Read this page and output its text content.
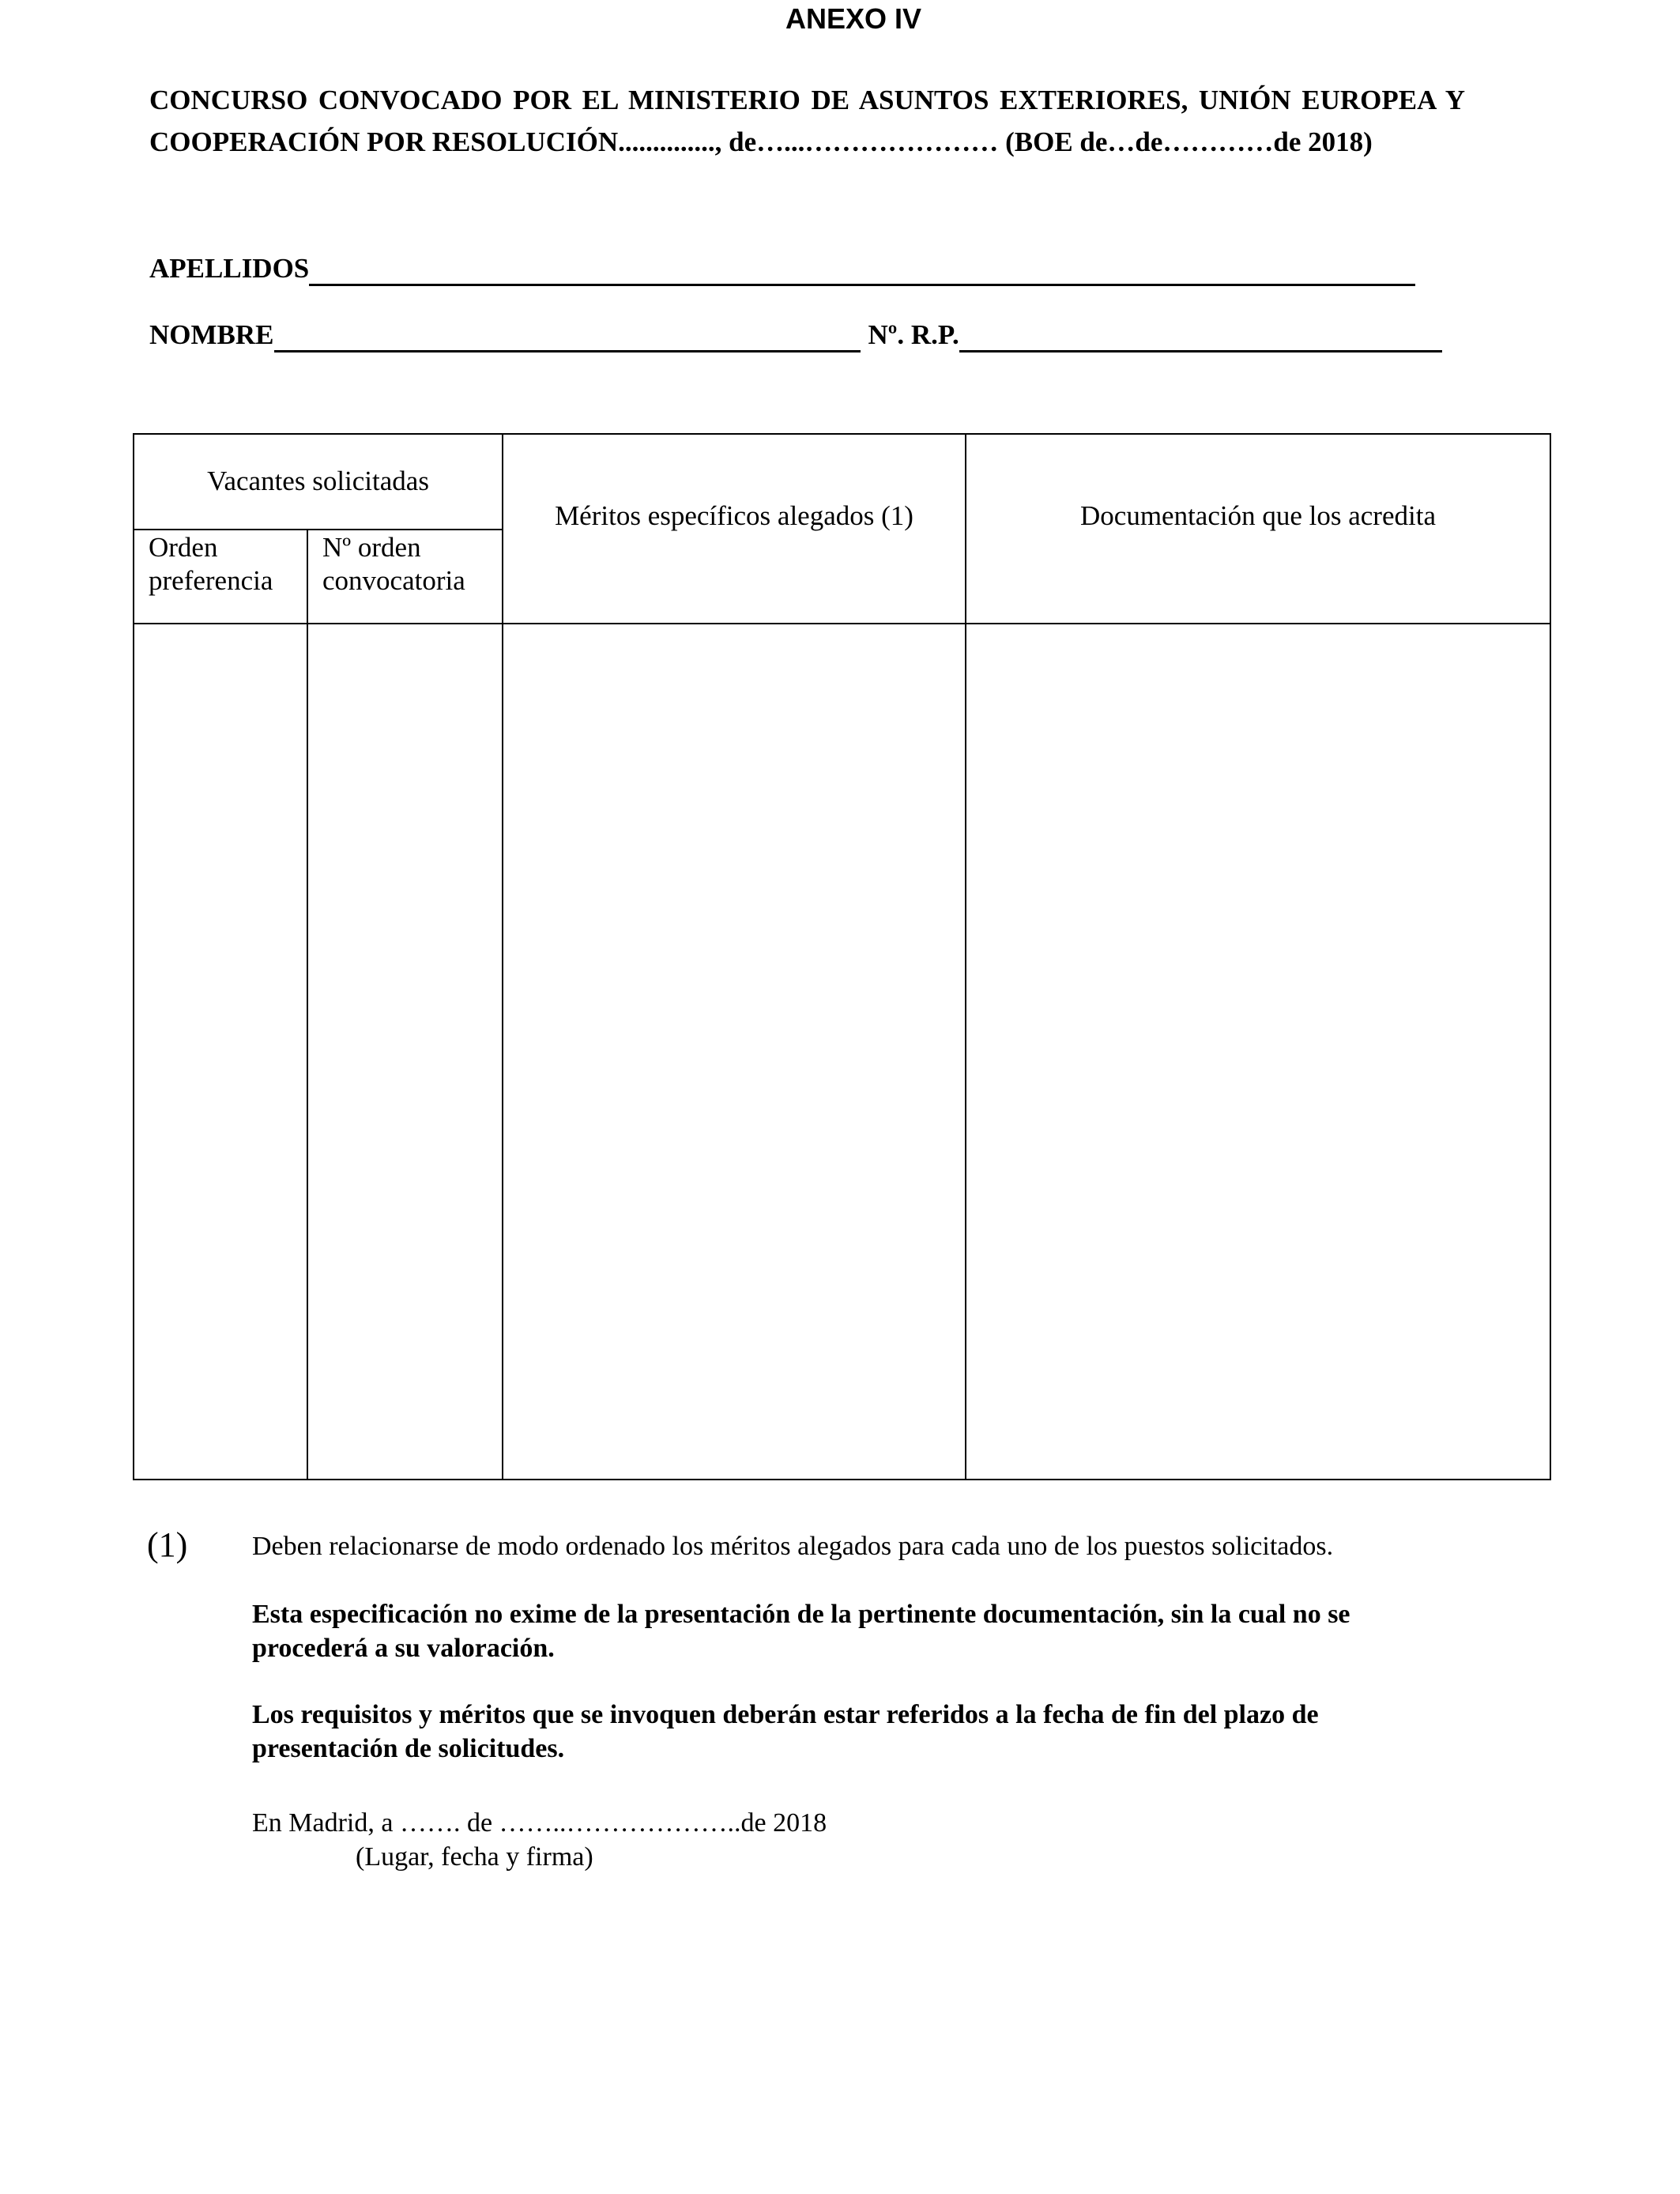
ANEXO IV
CONCURSO CONVOCADO POR EL MINISTERIO DE ASUNTOS EXTERIORES, UNIÓN EUROPEA Y COOPERACIÓN POR RESOLUCIÓN.............., de…...………………… (BOE de…de…………de 2018)
APELLIDOS
NOMBRE	Nº. R.P.
Vacantes solicitadas
Orden
preferencia
Nº orden
convocatoria
Méritos específicos alegados (1)	Documentación que los acredita
(1) Deben relacionarse de modo ordenado los méritos alegados para cada uno de los puestos solicitados.
Esta especificación no exime de la presentación de la pertinente documentación, sin la cual no se procederá a su valoración.
Los requisitos y méritos que se invoquen deberán estar referidos a la fecha de fin del plazo de presentación de solicitudes.
En Madrid, a ……. de ……..………………..de 2018
(Lugar, fecha y firma)
